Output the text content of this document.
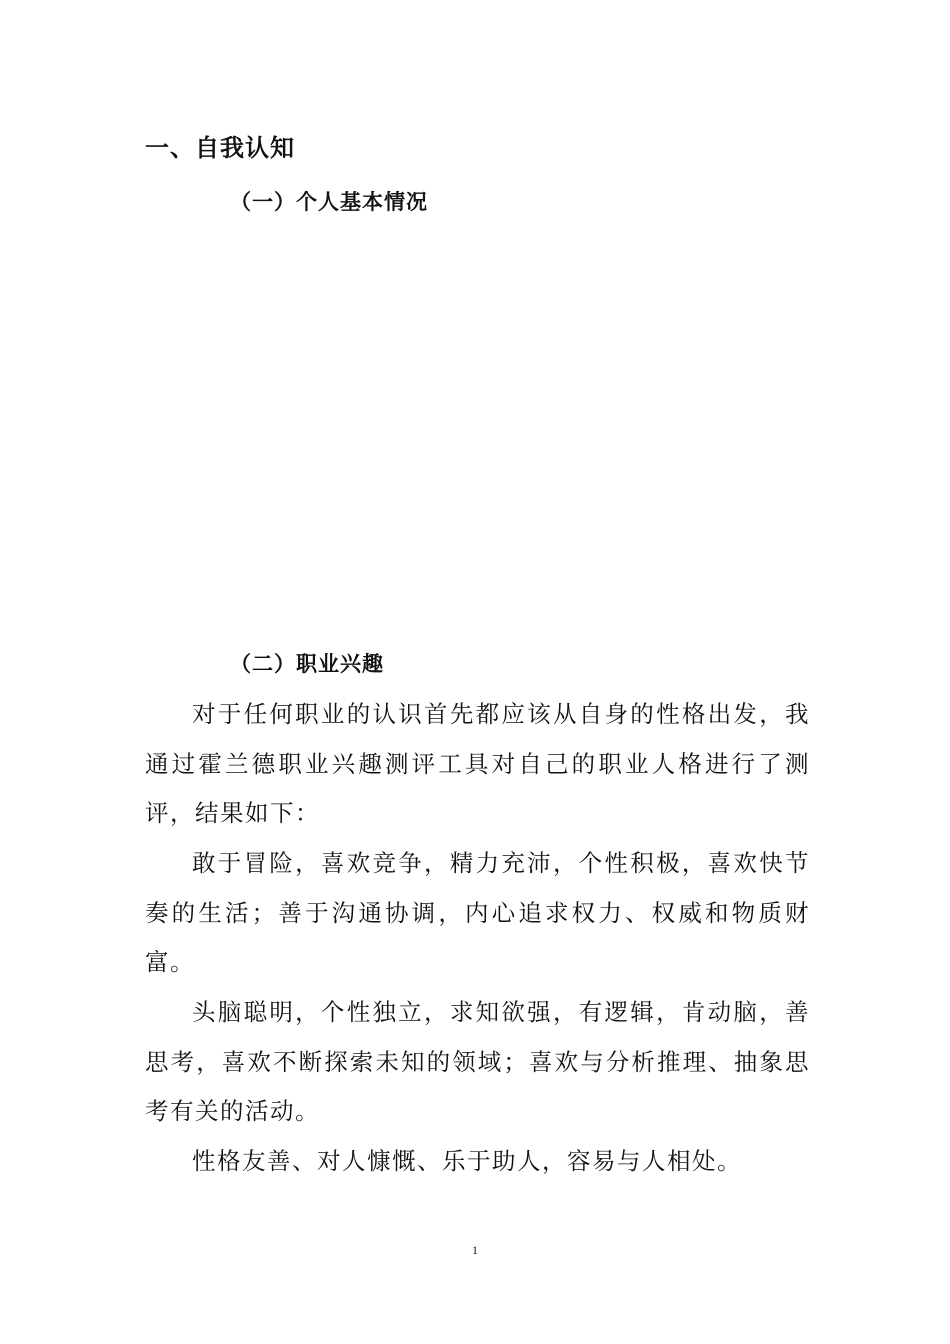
一、自我认知
（一）个人基本情况
（二）职业兴趣

对于任何职业的认识首先都应该从自身的性格出发，我通过霍兰德职业兴趣测评工具对自己的职业人格进行了测评，结果如下：

敢于冒险，喜欢竞争，精力充沛，个性积极，喜欢快节奏的生活；善于沟通协调，内心追求权力、权威和物质财富。

头脑聪明，个性独立，求知欲强，有逻辑，肯动脑，善思考，喜欢不断探索未知的领域；喜欢与分析推理、抽象思考有关的活动。

性格友善、对人慷慨、乐于助人，容易与人相处。

1
